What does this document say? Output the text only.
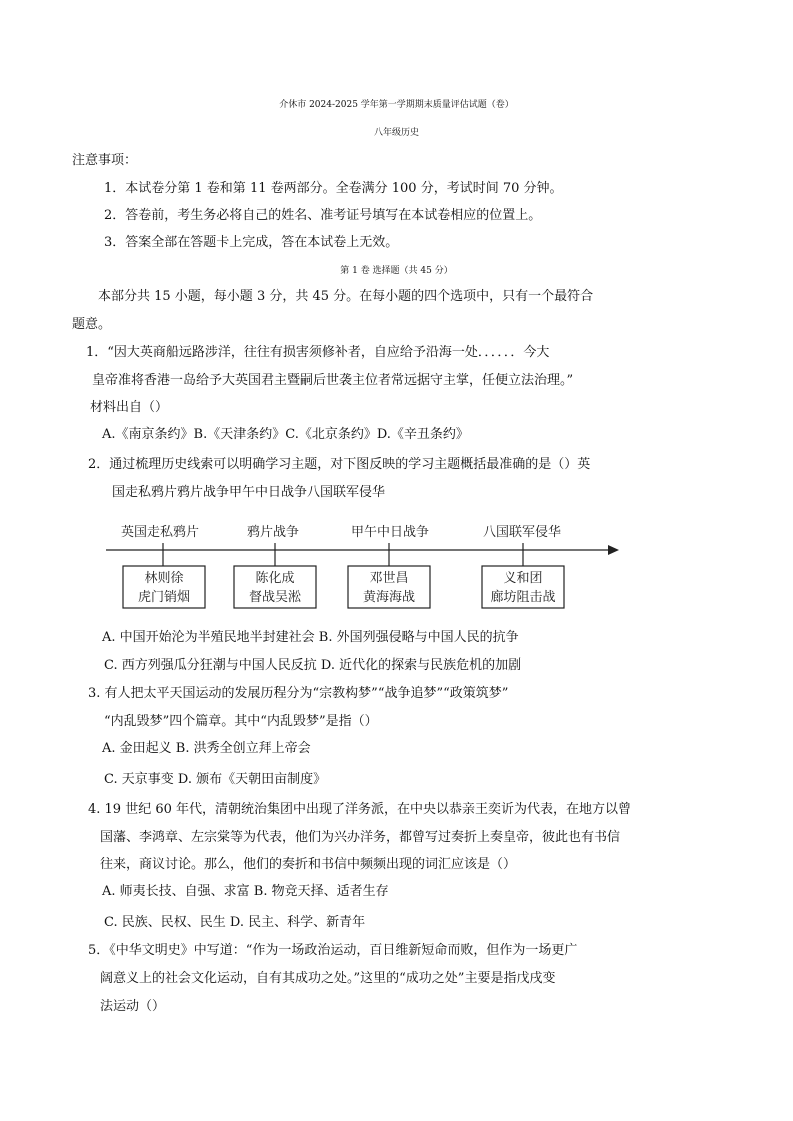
介休市 2024-2025 学年第一学期期末质量评估试题（卷）
八年级历史
注意事项：
1．本试卷分第 1 卷和第 11 卷两部分。全卷满分 100 分，考试时间 70 分钟。
2．答卷前，考生务必将自己的姓名、准考证号填写在本试卷相应的位置上。
3．答案全部在答题卡上完成，答在本试卷上无效。
第 1 卷 选择题（共 45 分）
本部分共 15 小题，每小题 3 分，共 45 分。在每小题的四个选项中，只有一个最符合
题意。
1．“因大英商船远路涉洋，往往有损害须修补者，自应给予沿海一处．．．．．．今大
皇帝准将香港一岛给予大英国君主暨嗣后世袭主位者常远据守主掌，任便立法治理。”
材料出自（）
A.《南京条约》B.《天津条约》C.《北京条约》D.《辛丑条约》
2．通过梳理历史线索可以明确学习主题，对下图反映的学习主题概括最准确的是（）英
国走私鸦片鸦片战争甲午中日战争八国联军侵华
英国走私鸦片	鸦片战争	甲午中日战争	八国联军侵华
林则徐
虎门销烟
陈化成
督战吴淞
邓世昌
黄海海战
义和团
廊坊阻击战
A. 中国开始沦为半殖民地半封建社会 B. 外国列强侵略与中国人民的抗争
C. 西方列强瓜分狂潮与中国人民反抗 D. 近代化的探索与民族危机的加剧
3. 有人把太平天国运动的发展历程分为“宗教构梦”“战争追梦”“政策筑梦”
“内乱毁梦”四个篇章。其中“内乱毁梦”是指（）
A. 金田起义 B. 洪秀全创立拜上帝会
C. 天京事变 D. 颁布《天朝田亩制度》
4. 19 世纪 60 年代，清朝统治集团中出现了洋务派，在中央以恭亲王奕䜣为代表，在地方以曾
国藩、李鸿章、左宗棠等为代表，他们为兴办洋务，都曾写过奏折上奏皇帝，彼此也有书信
往来，商议讨论。那么，他们的奏折和书信中频频出现的词汇应该是（）
A. 师夷长技、自强、求富 B. 物竞天择、适者生存
C. 民族、民权、民生 D. 民主、科学、新青年
5．《中华文明史》中写道：“作为一场政治运动，百日维新短命而败，但作为一场更广
阔意义上的社会文化运动，自有其成功之处。”这里的“成功之处”主要是指戊戌变
法运动（）
